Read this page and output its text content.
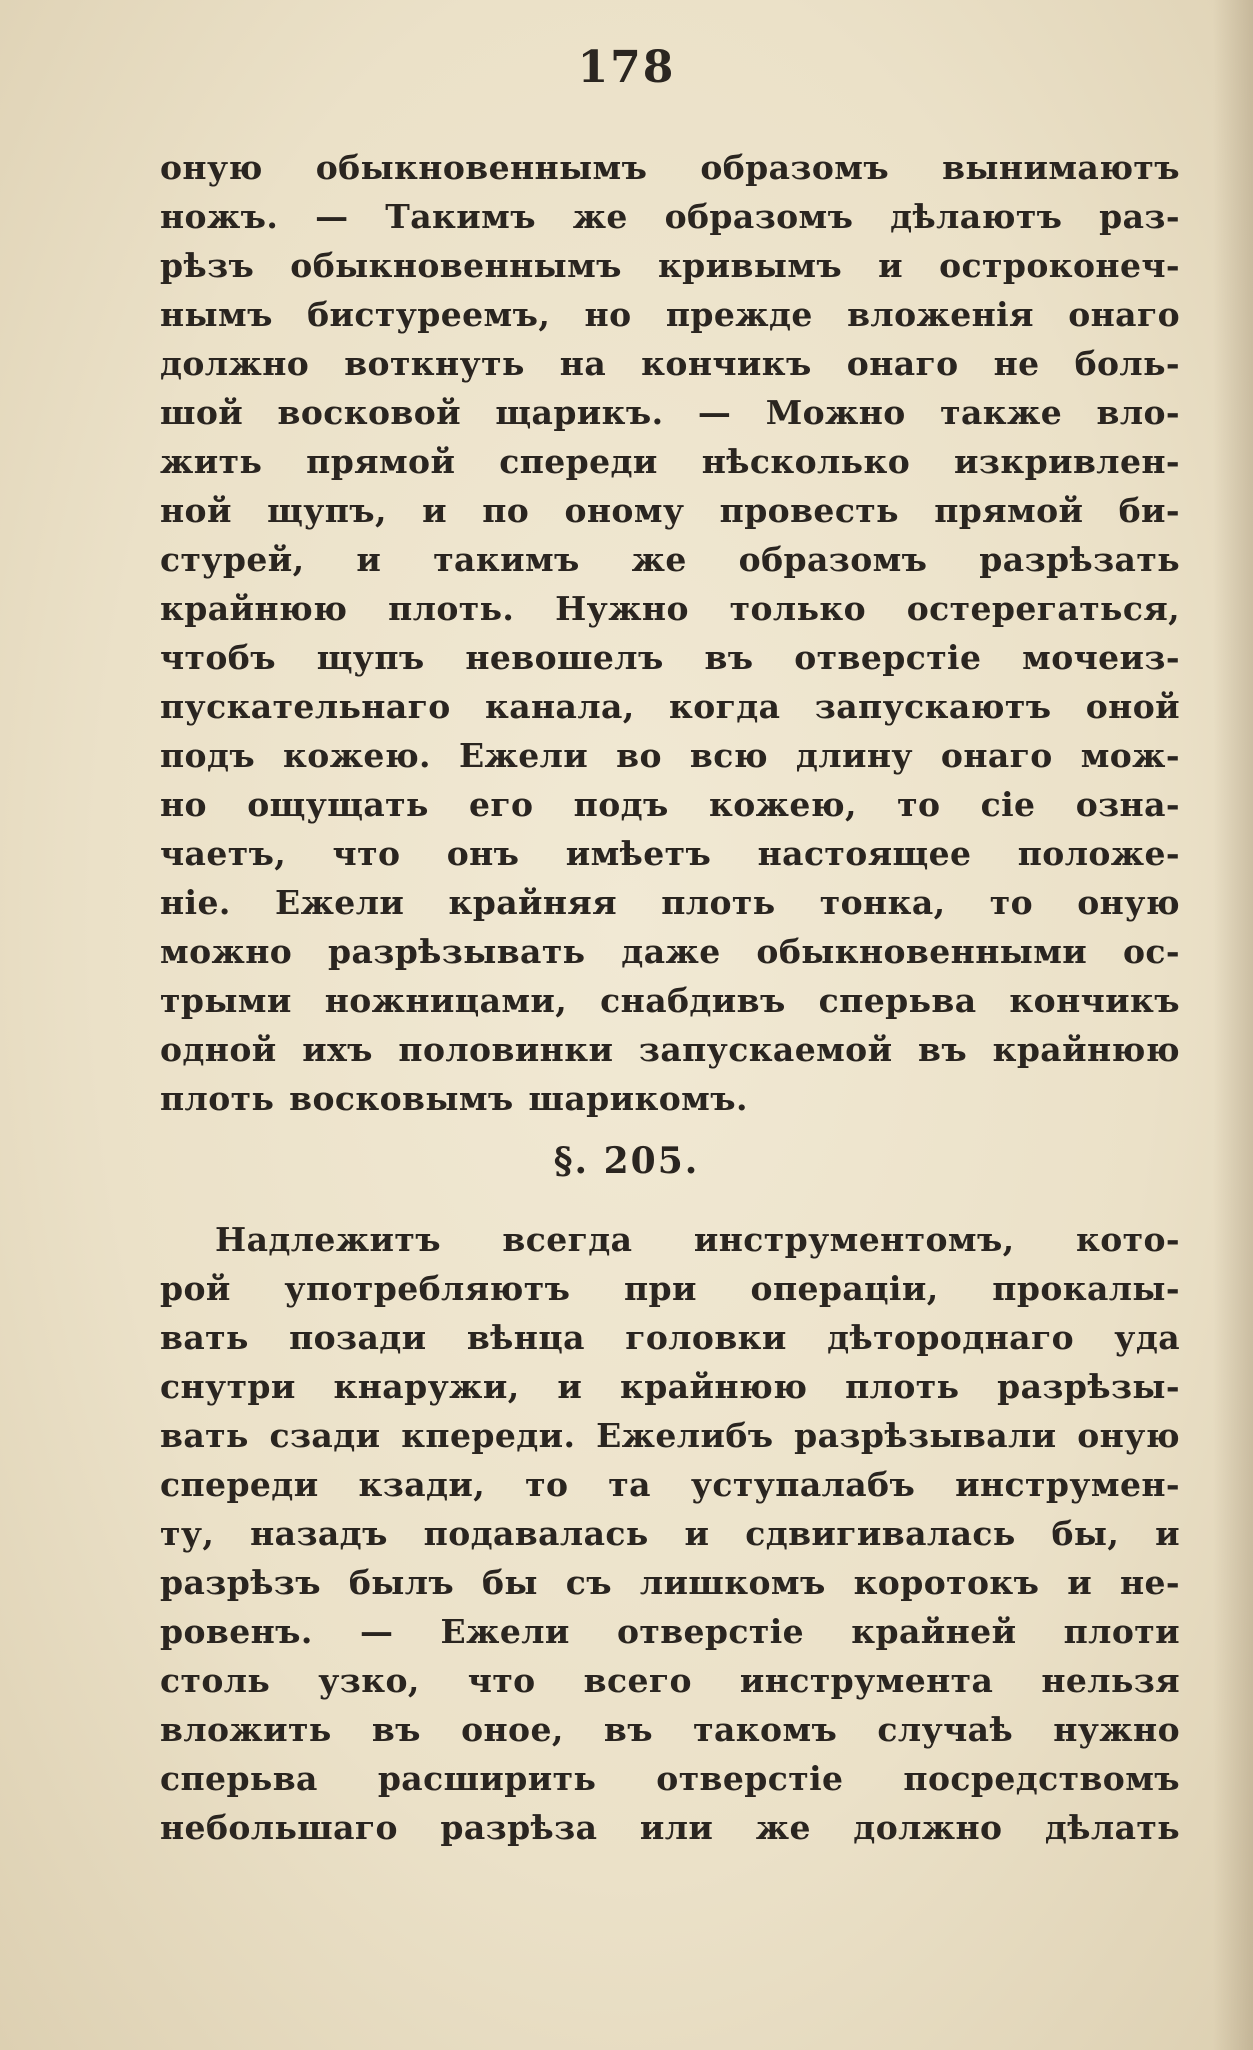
178
оную обыкновеннымъ образомъ вынимаютъ
ножъ. — Такимъ же образомъ дѣлаютъ раз-
рѣзъ обыкновеннымъ кривымъ и остроконеч-
нымъ бистуреемъ, но прежде вложенія онаго
должно воткнуть на кончикъ онаго не боль-
шой восковой щарикъ. — Можно также вло-
жить прямой спереди нѣсколько изкривлен-
ной щупъ, и по оному провесть прямой би-
стурей, и такимъ же образомъ разрѣзать
крайнюю плоть. Нужно только остерегаться,
чтобъ щупъ невошелъ въ отверстіе мочеиз-
пускательнаго канала, когда запускаютъ оной
подъ кожею. Ежели во всю длину онаго мож-
но ощущать его подъ кожею, то сіе озна-
чаетъ, что онъ имѣетъ настоящее положе-
ніе. Ежели крайняя плоть тонка, то оную
можно разрѣзывать даже обыкновенными ос-
трыми ножницами, снабдивъ сперьва кончикъ
одной ихъ половинки запускаемой въ крайнюю
плоть восковымъ шарикомъ.
§. 205.
Надлежитъ всегда инструментомъ, кото-
рой употребляютъ при операціи, прокалы-
вать позади вѣнца головки дѣтороднаго уда
снутри кнаружи, и крайнюю плоть разрѣзы-
вать сзади кпереди. Ежелибъ разрѣзывали оную
спереди кзади, то та уступалабъ инструмен-
ту, назадъ подавалась и сдвигивалась бы, и
разрѣзъ былъ бы съ лишкомъ коротокъ и не-
ровенъ. — Ежели отверстіе крайней плоти
столь узко, что всего инструмента нельзя
вложить въ оное, въ такомъ случаѣ нужно
сперьва расширить отверстіе посредствомъ
небольшаго разрѣза или же должно дѣлать
